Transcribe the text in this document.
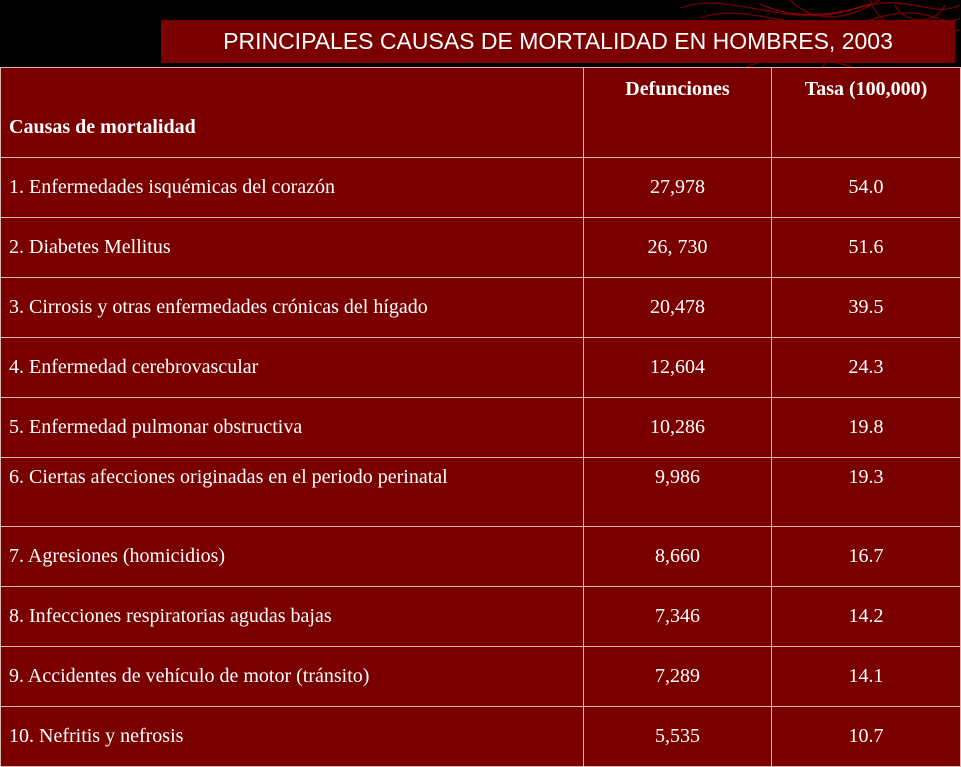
PRINCIPALES CAUSAS DE MORTALIDAD EN HOMBRES, 2003
Causas de mortalidad	Defunciones	Tasa (100,000)
1. Enfermedades isquémicas del corazón	27,978	54.0
2. Diabetes Mellitus	26, 730	51.6
3. Cirrosis y otras enfermedades crónicas del hígado	20,478	39.5
4. Enfermedad cerebrovascular	12,604	24.3
5. Enfermedad pulmonar obstructiva	10,286	19.8
6. Ciertas afecciones originadas en el periodo perinatal	9,986	19.3
7. Agresiones (homicidios)	8,660	16.7
8. Infecciones respiratorias agudas bajas	7,346	14.2
9. Accidentes de vehículo de motor (tránsito)	7,289	14.1
10. Nefritis y nefrosis	5,535	10.7
